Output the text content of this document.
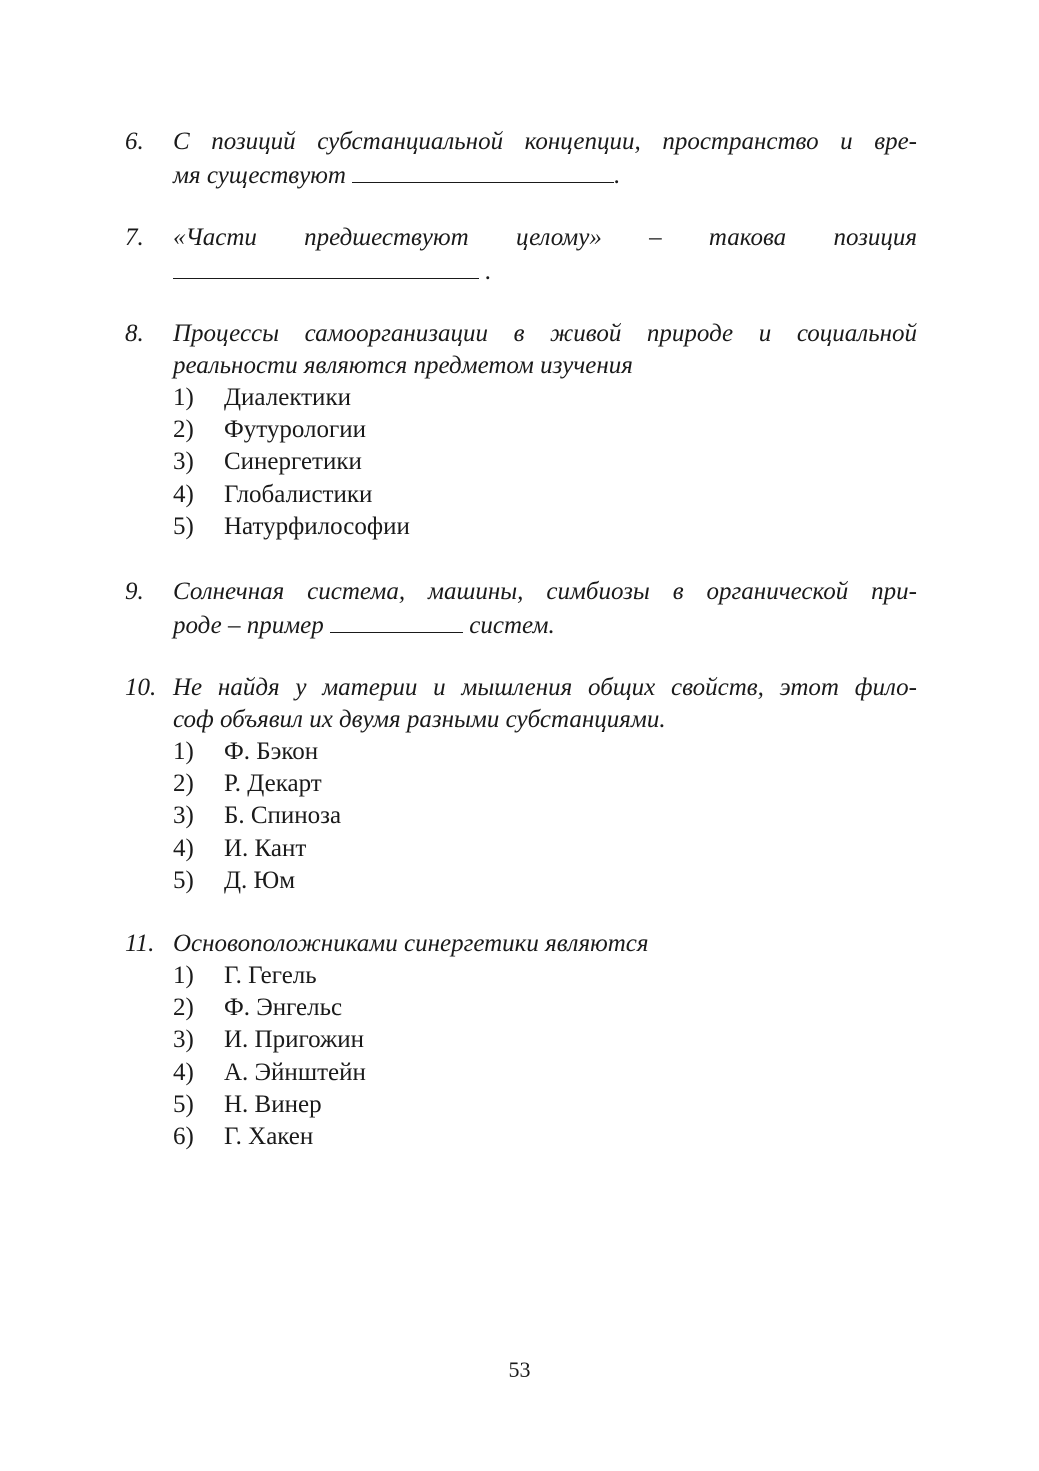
6.	С позиций субстанциальной концепции, пространство и вре-
мя существуют	.
7.	«Части предшествуют целому» – такова позиция
.
8.	Процессы самоорганизации в живой природе и социальной
реальности являются предметом изучения
1)	Диалектики
2)	Футурологии
3)	Синергетики
4)	Глобалистики
5)	Натурфилософии
9.	Солнечная система, машины, симбиозы в органической при-
роде – пример	систем.
10. Не найдя у материи и мышления общих свойств, этот фило-
соф объявил их двумя разными субстанциями.
1)	Ф. Бэкон
2)	Р. Декарт
3)	Б. Спиноза
4)	И. Кант
5)	Д. Юм
11. Основоположниками синергетики являются
1)	Г. Гегель
2)	Ф. Энгельс
3)	И. Пригожин
4)	А. Эйнштейн
5)	Н. Винер
6)	Г. Хакен
53
